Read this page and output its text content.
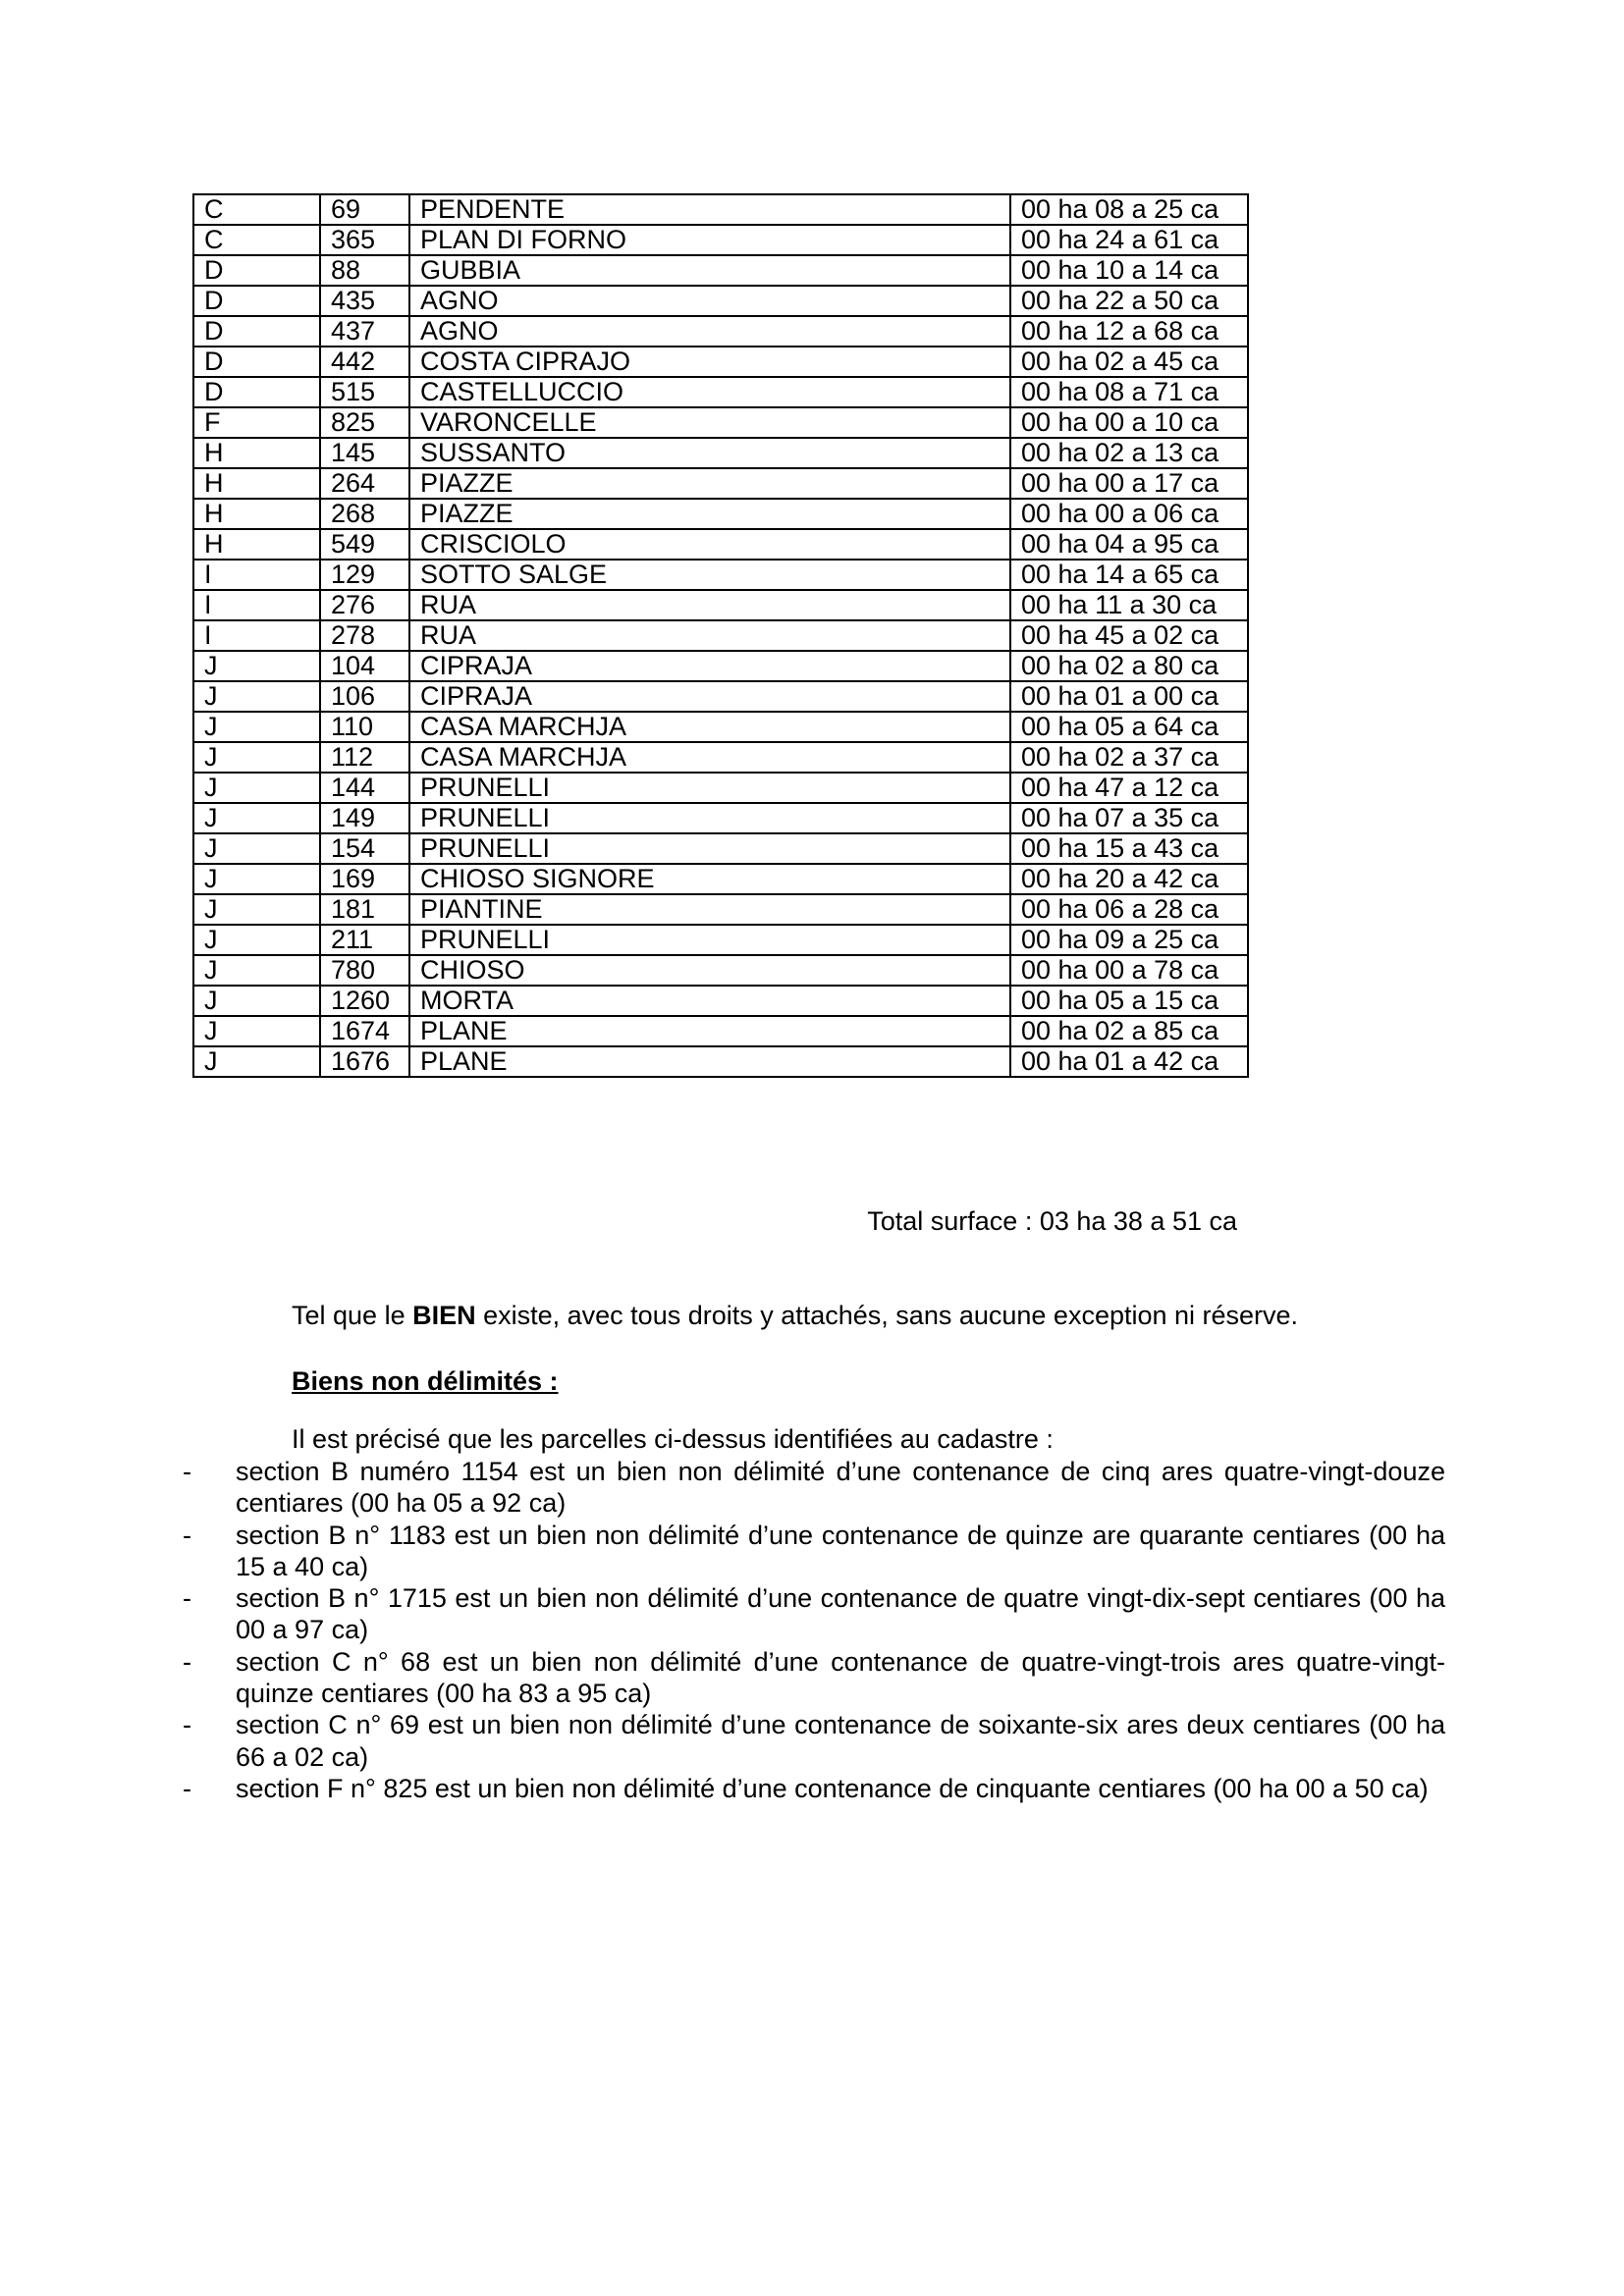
C	69	PENDENTE	00 ha 08 a 25 ca
C	365	PLAN DI FORNO	00 ha 24 a 61 ca
D	88	GUBBIA	00 ha 10 a 14 ca
D	435	AGNO	00 ha 22 a 50 ca
D	437	AGNO	00 ha 12 a 68 ca
D	442	COSTA CIPRAJO	00 ha 02 a 45 ca
D	515	CASTELLUCCIO	00 ha 08 a 71 ca
F	825	VARONCELLE	00 ha 00 a 10 ca
H	145	SUSSANTO	00 ha 02 a 13 ca
H	264	PIAZZE	00 ha 00 a 17 ca
H	268	PIAZZE	00 ha 00 a 06 ca
H	549	CRISCIOLO	00 ha 04 a 95 ca
I	129	SOTTO SALGE	00 ha 14 a 65 ca
I	276	RUA	00 ha 11 a 30 ca
I	278	RUA	00 ha 45 a 02 ca
J	104	CIPRAJA	00 ha 02 a 80 ca
J	106	CIPRAJA	00 ha 01 a 00 ca
J	110	CASA MARCHJA	00 ha 05 a 64 ca
J	112	CASA MARCHJA	00 ha 02 a 37 ca
J	144	PRUNELLI	00 ha 47 a 12 ca
J	149	PRUNELLI	00 ha 07 a 35 ca
J	154	PRUNELLI	00 ha 15 a 43 ca
J	169	CHIOSO SIGNORE	00 ha 20 a 42 ca
J	181	PIANTINE	00 ha 06 a 28 ca
J	211	PRUNELLI	00 ha 09 a 25 ca
J	780	CHIOSO	00 ha 00 a 78 ca
J	1260	MORTA	00 ha 05 a 15 ca
J	1674	PLANE	00 ha 02 a 85 ca
J	1676	PLANE	00 ha 01 a 42 ca
Total surface : 03 ha 38 a 51 ca
Tel que le BIEN existe, avec tous droits y attachés, sans aucune exception ni réserve.
Biens non délimités :
Il est précisé que les parcelles ci-dessus identifiées au cadastre :
- section B numéro 1154 est un bien non délimité d’une contenance de cinq ares quatre-vingt-douze centiares (00 ha 05 a 92 ca)
- section B n° 1183 est un bien non délimité d’une contenance de quinze are quarante centiares (00 ha 15 a 40 ca)
- section B n° 1715 est un bien non délimité d’une contenance de quatre vingt-dix-sept centiares (00 ha 00 a 97 ca)
- section C n° 68 est un bien non délimité d’une contenance de quatre-vingt-trois ares quatre-vingt-quinze centiares (00 ha 83 a 95 ca)
- section C n° 69 est un bien non délimité d’une contenance de soixante-six ares deux centiares (00 ha 66 a 02 ca)
- section F n° 825 est un bien non délimité d’une contenance de cinquante centiares (00 ha 00 a 50 ca)
